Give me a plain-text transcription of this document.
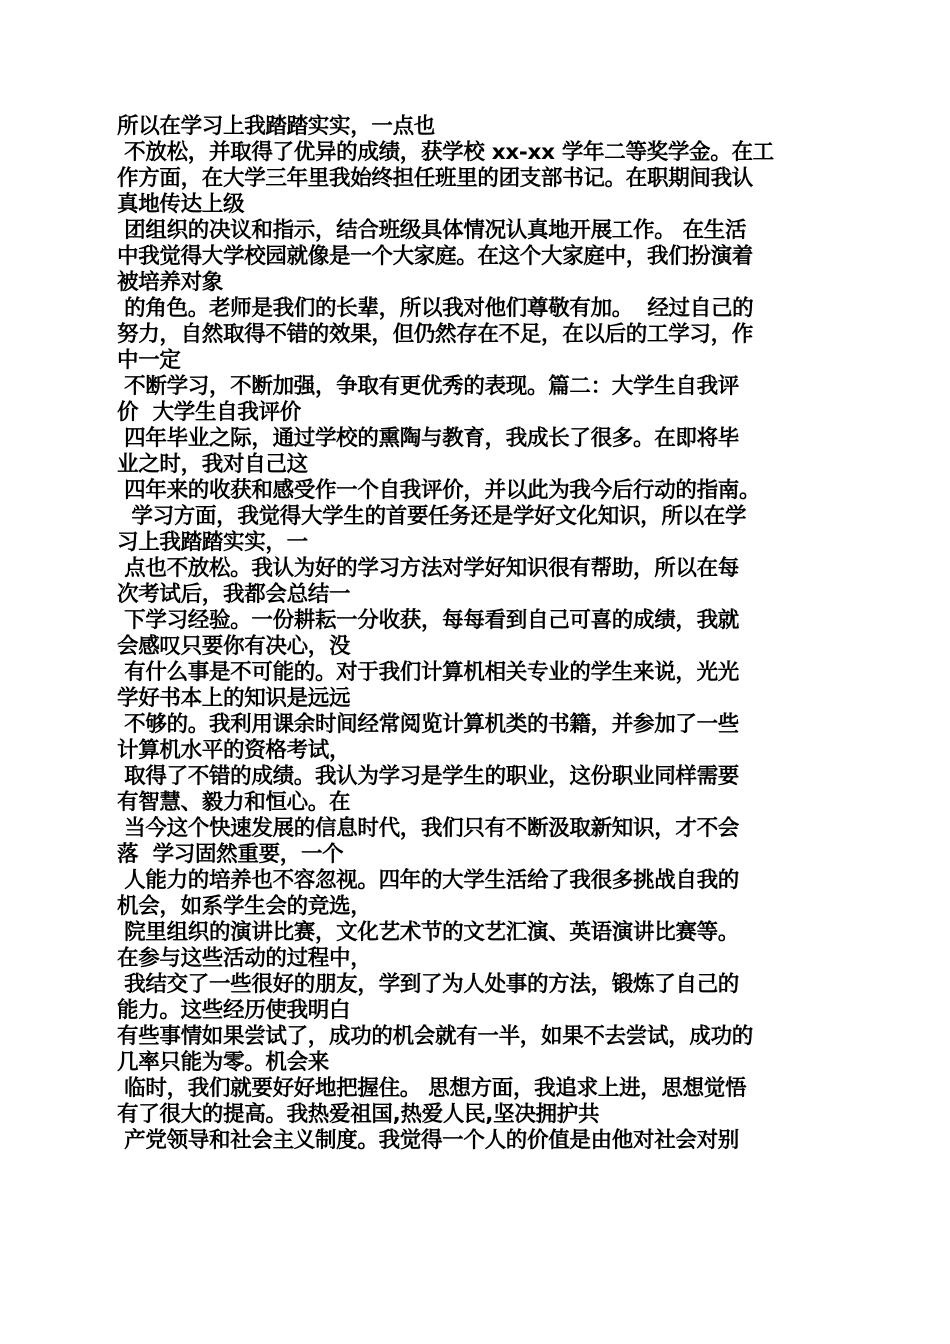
所以在学习上我踏踏实实，一点也
不放松，并取得了优异的成绩，获学校 xx-xx 学年二等奖学金。在工
作方面，在大学三年里我始终担任班里的团支部书记。在职期间我认
真地传达上级
团组织的决议和指示，结合班级具体情况认真地开展工作。 在生活
中我觉得大学校园就像是一个大家庭。在这个大家庭中，我们扮演着
被培养对象
的角色。老师是我们的长辈，所以我对他们尊敬有加。  经过自己的
努力，自然取得不错的效果，但仍然存在不足，在以后的工学习，作
中一定
不断学习，不断加强，争取有更优秀的表现。篇二：大学生自我评
价  大学生自我评价
四年毕业之际，通过学校的熏陶与教育，我成长了很多。在即将毕
业之时，我对自己这
四年来的收获和感受作一个自我评价，并以此为我今后行动的指南。
学习方面，我觉得大学生的首要任务还是学好文化知识，所以在学
习上我踏踏实实，一
点也不放松。我认为好的学习方法对学好知识很有帮助，所以在每
次考试后，我都会总结一
下学习经验。一份耕耘一分收获，每每看到自己可喜的成绩，我就
会感叹只要你有决心，没
有什么事是不可能的。对于我们计算机相关专业的学生来说，光光
学好书本上的知识是远远
不够的。我利用课余时间经常阅览计算机类的书籍，并参加了一些
计算机水平的资格考试，
取得了不错的成绩。我认为学习是学生的职业，这份职业同样需要
有智慧、毅力和恒心。在
当今这个快速发展的信息时代，我们只有不断汲取新知识，才不会
落  学习固然重要，一个
人能力的培养也不容忽视。四年的大学生活给了我很多挑战自我的
机会，如系学生会的竞选，
院里组织的演讲比赛，文化艺术节的文艺汇演、英语演讲比赛等。
在参与这些活动的过程中，
我结交了一些很好的朋友，学到了为人处事的方法，锻炼了自己的
能力。这些经历使我明白
有些事情如果尝试了，成功的机会就有一半，如果不去尝试，成功的
几率只能为零。机会来
临时，我们就要好好地把握住。 思想方面，我追求上进，思想觉悟
有了很大的提高。我热爱祖国,热爱人民,坚决拥护共
产党领导和社会主义制度。我觉得一个人的价值是由他对社会对别
